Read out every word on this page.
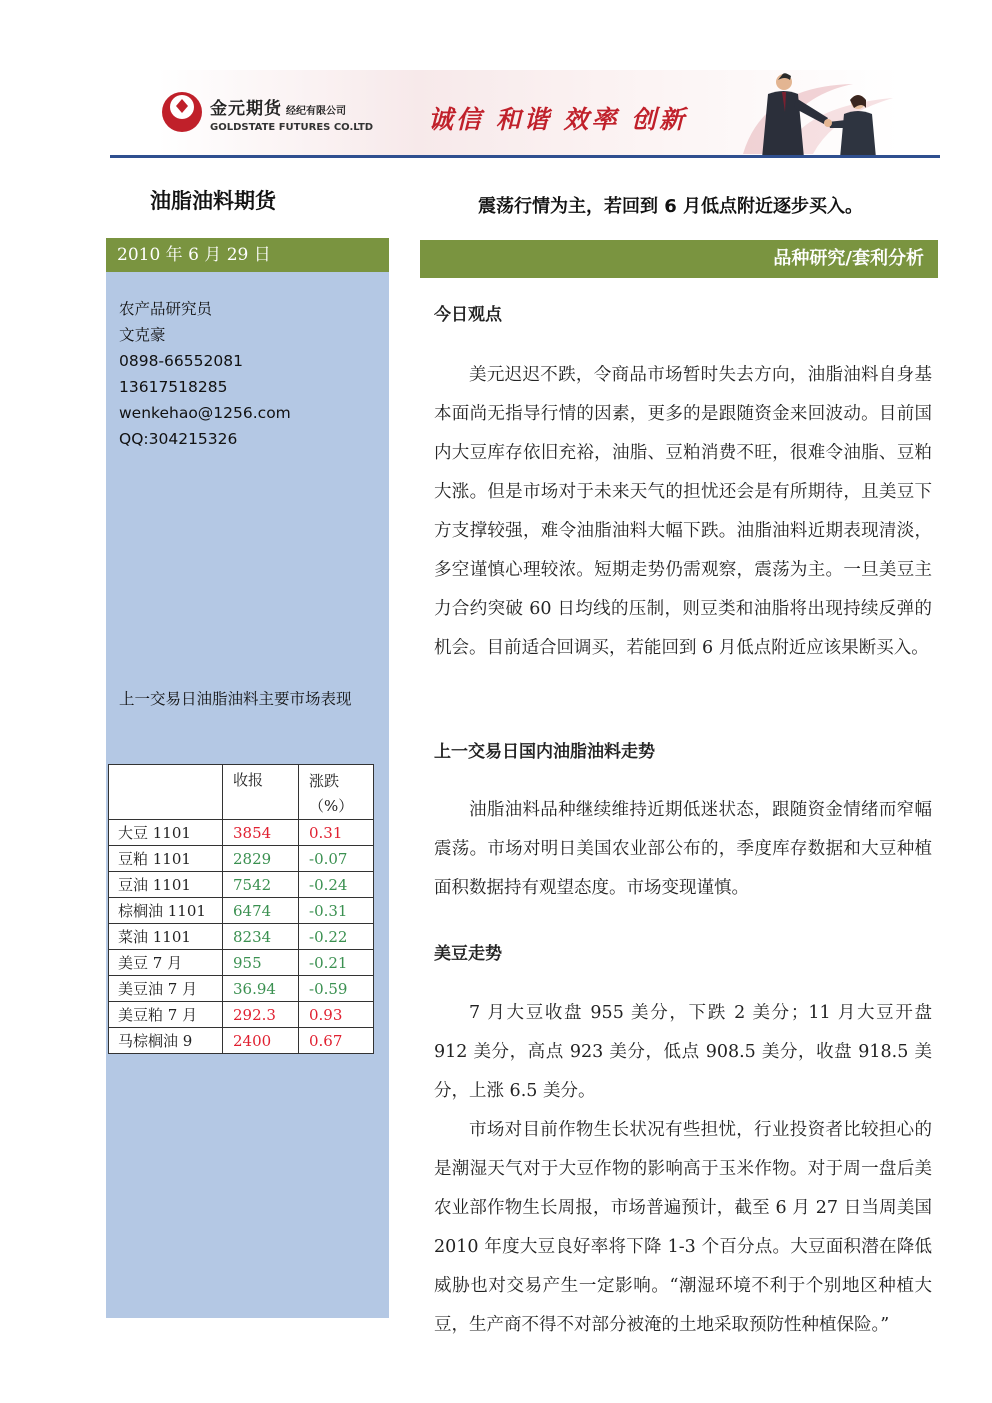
金元期货 经纪有限公司
GOLDSTATE FUTURES CO.LTD 诚信 和谐 效率 创新
油脂油料期货	震荡行情为主，若回到 6 月低点附近逐步买入。
2010 年 6 月 29 日
农产品研究员
文克豪
0898-66552081
13617518285
wenkehao@1256.com
QQ:304215326
上一交易日油脂油料主要市场表现
	收报	涨跌
（%）

大豆 1101	3854	0.31
豆粕 1101	2829	-0.07
豆油 1101	7542	-0.24
棕榈油 1101	6474	-0.31
菜油 1101	8234	-0.22
美豆 7 月	955	-0.21
美豆油 7 月	36.94	-0.59
美豆粕 7 月	292.3	0.93
马棕榈油 9	2400	0.67
品种研究/套利分析
今日观点

美元迟迟不跌，令商品市场暂时失去方向，油脂油料自身基本面尚无指导行情的因素，更多的是跟随资金来回波动。目前国内大豆库存依旧充裕，油脂、豆粕消费不旺，很难令油脂、豆粕大涨。但是市场对于未来天气的担忧还会是有所期待，且美豆下方支撑较强，难令油脂油料大幅下跌。油脂油料近期表现清淡，多空谨慎心理较浓。短期走势仍需观察，震荡为主。一旦美豆主力合约突破 60 日均线的压制，则豆类和油脂将出现持续反弹的机会。目前适合回调买，若能回到 6 月低点附近应该果断买入。

上一交易日国内油脂油料走势

油脂油料品种继续维持近期低迷状态，跟随资金情绪而窄幅震荡。市场对明日美国农业部公布的，季度库存数据和大豆种植面积数据持有观望态度。市场变现谨慎。

美豆走势

7 月大豆收盘 955 美分，下跌 2 美分；11 月大豆开盘 912 美分，高点 923 美分，低点 908.5 美分，收盘 918.5 美分，上涨 6.5 美分。

市场对目前作物生长状况有些担忧，行业投资者比较担心的是潮湿天气对于大豆作物的影响高于玉米作物。对于周一盘后美农业部作物生长周报，市场普遍预计，截至 6 月 27 日当周美国 2010 年度大豆良好率将下降 1-3 个百分点。大豆面积潜在降低威胁也对交易产生一定影响。“潮湿环境不利于个别地区种植大豆，生产商不得不对部分被淹的土地采取预防性种植保险。”
